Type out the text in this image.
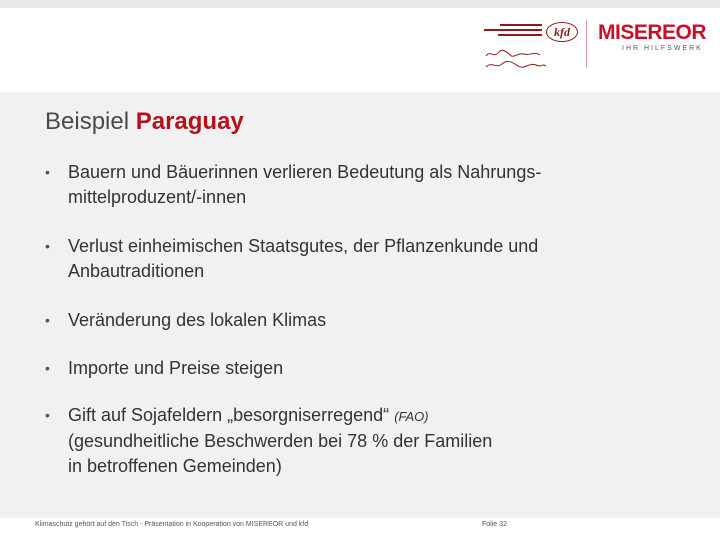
kfd	MISEREOR
IHR HILFSWERK
Beispiel Paraguay
• Bauern und Bäuerinnen verlieren Bedeutung als Nahrungs-
mittelproduzent/-innen
• Verlust einheimischen Staatsgutes, der Pflanzenkunde und
Anbautraditionen
• Veränderung des lokalen Klimas
• Importe und Preise steigen
• Gift auf Sojafeldern „besorgniserregend“ (FAO)
(gesundheitliche Beschwerden bei 78 % der Familien
in betroffenen Gemeinden)
Klimaschutz gehört auf den Tisch - Präsentation in Kooperation von MISEREOR und kfd	Folie 32
